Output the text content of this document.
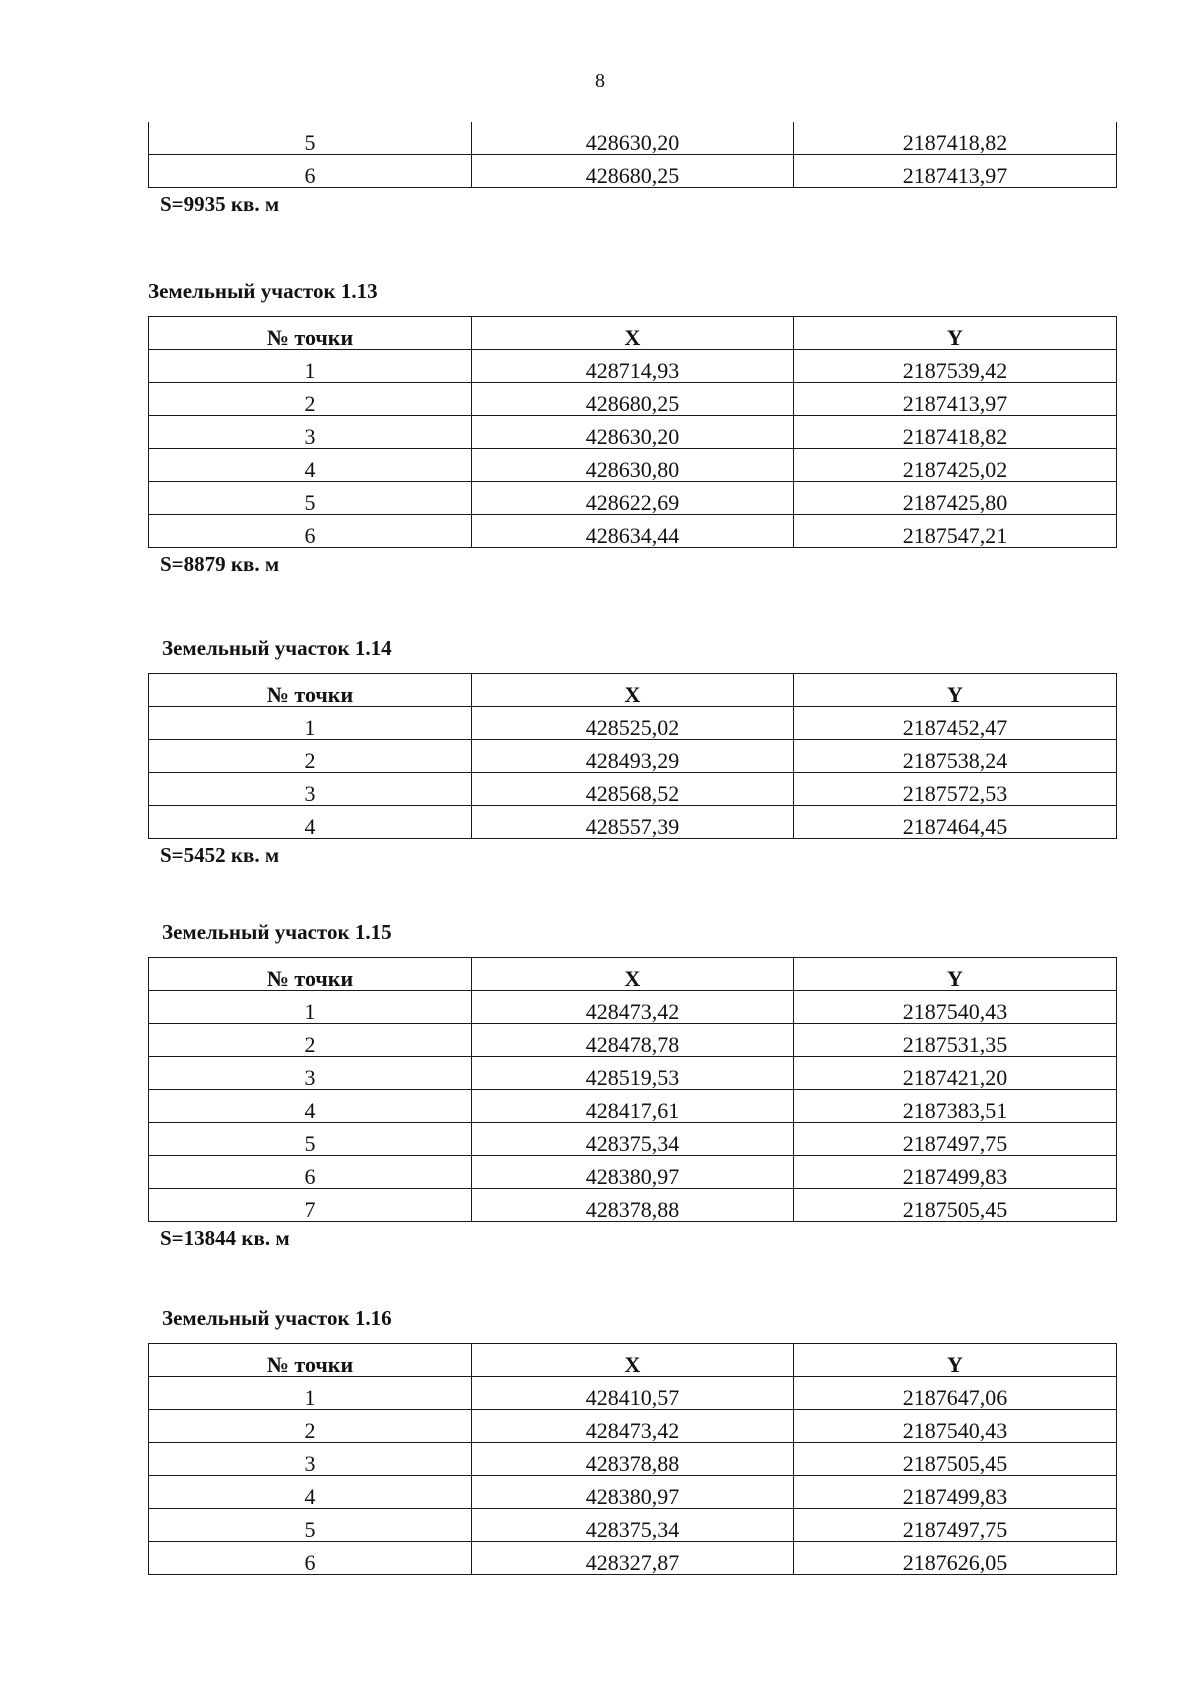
8
5	428630,20	2187418,82
6	428680,25	2187413,97
S=9935 кв. м
Земельный участок 1.13
№ точки	X	Y
1	428714,93	2187539,42
2	428680,25	2187413,97
3	428630,20	2187418,82
4	428630,80	2187425,02
5	428622,69	2187425,80
6	428634,44	2187547,21
S=8879 кв. м
Земельный участок 1.14
№ точки	X	Y
1	428525,02	2187452,47
2	428493,29	2187538,24
3	428568,52	2187572,53
4	428557,39	2187464,45
S=5452 кв. м
Земельный участок 1.15
№ точки	X	Y
1	428473,42	2187540,43
2	428478,78	2187531,35
3	428519,53	2187421,20
4	428417,61	2187383,51
5	428375,34	2187497,75
6	428380,97	2187499,83
7	428378,88	2187505,45
S=13844 кв. м
Земельный участок 1.16
№ точки	X	Y
1	428410,57	2187647,06
2	428473,42	2187540,43
3	428378,88	2187505,45
4	428380,97	2187499,83
5	428375,34	2187497,75
6	428327,87	2187626,05
